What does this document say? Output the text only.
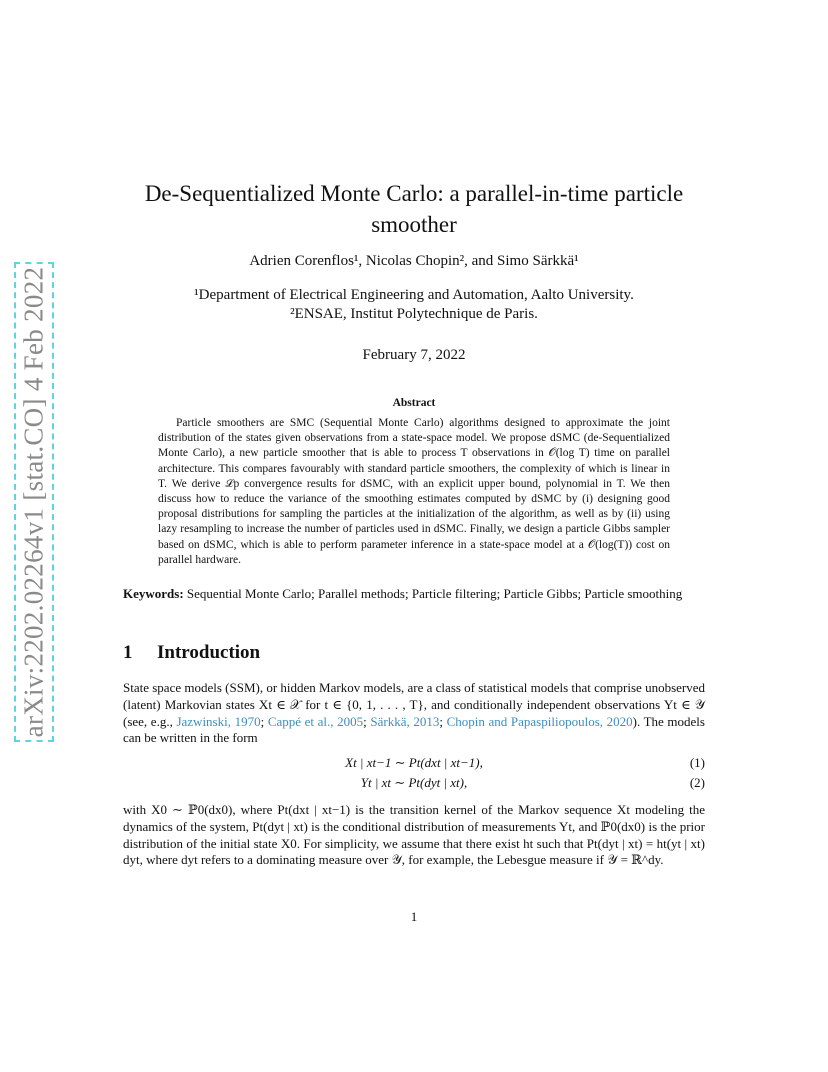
arXiv:2202.02264v1 [stat.CO] 4 Feb 2022
De-Sequentialized Monte Carlo: a parallel-in-time particle smoother
Adrien Corenflos¹, Nicolas Chopin², and Simo Särkkä¹
¹Department of Electrical Engineering and Automation, Aalto University.
²ENSAE, Institut Polytechnique de Paris.
February 7, 2022
Abstract

Particle smoothers are SMC (Sequential Monte Carlo) algorithms designed to approximate the joint distribution of the states given observations from a state-space model. We propose dSMC (de-Sequentialized Monte Carlo), a new particle smoother that is able to process T observations in 𝒪(log T) time on parallel architecture. This compares favourably with standard particle smoothers, the complexity of which is linear in T. We derive ℒp convergence results for dSMC, with an explicit upper bound, polynomial in T. We then discuss how to reduce the variance of the smoothing estimates computed by dSMC by (i) designing good proposal distributions for sampling the particles at the initialization of the algorithm, as well as by (ii) using lazy resampling to increase the number of particles used in dSMC. Finally, we design a particle Gibbs sampler based on dSMC, which is able to perform parameter inference in a state-space model at a 𝒪(log(T)) cost on parallel hardware.

Keywords: Sequential Monte Carlo; Parallel methods; Particle filtering; Particle Gibbs; Particle smoothing

1 Introduction

State space models (SSM), or hidden Markov models, are a class of statistical models that comprise unobserved (latent) Markovian states Xt ∈ 𝒳 for t ∈ {0, 1, . . . , T}, and conditionally independent observations Yt ∈ 𝒴 (see, e.g., Jazwinski, 1970; Cappé et al., 2005; Särkkä, 2013; Chopin and Papaspiliopoulos, 2020). The models can be written in the form

Xt | xt−1 ∼ Pt(dxt | xt−1),	(1)
Yt | xt ∼ Pt(dyt | xt),	(2)

with X0 ∼ ℙ0(dx0), where Pt(dxt | xt−1) is the transition kernel of the Markov sequence Xt modeling the dynamics of the system, Pt(dyt | xt) is the conditional distribution of measurements Yt, and ℙ0(dx0) is the prior distribution of the initial state X0. For simplicity, we assume that there exist ht such that Pt(dyt | xt) = ht(yt | xt) dyt, where dyt refers to a dominating measure over 𝒴, for example, the Lebesgue measure if 𝒴 = ℝ^dy.

1
